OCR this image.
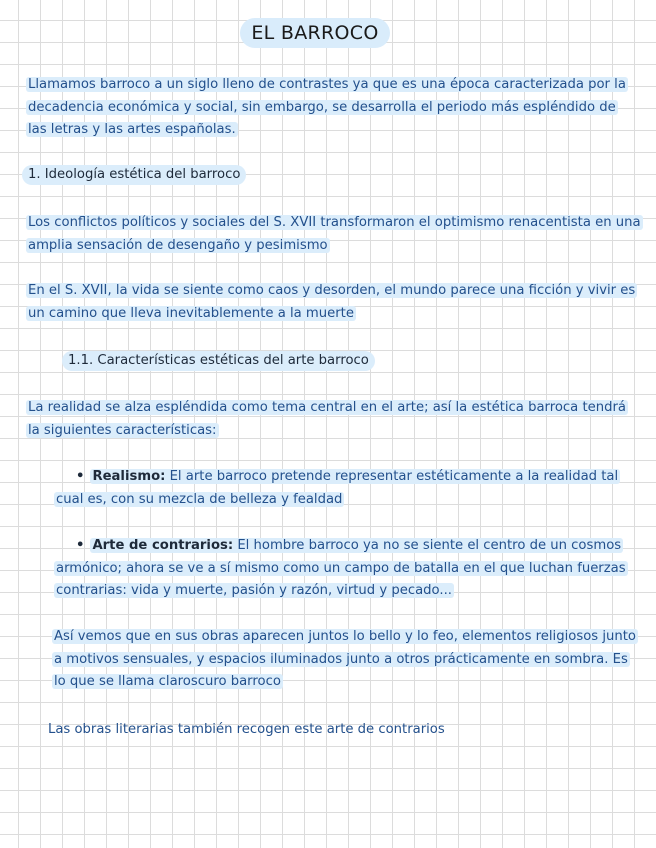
EL BARROCO
Llamamos barroco a un siglo lleno de contrastes ya que es una época caracterizada por la decadencia económica y social, sin embargo, se desarrolla el periodo más espléndido de las letras y las artes españolas.
1. Ideología estética del barroco
Los conflictos políticos y sociales del S. XVII transformaron el optimismo renacentista en una amplia sensación de desengaño y pesimismo
En el S. XVII, la vida se siente como caos y desorden, el mundo parece una ficción y vivir es un camino que lleva inevitablemente a la muerte
1.1. Características estéticas del arte barroco
La realidad se alza espléndida como tema central en el arte; así la estética barroca tendrá la siguientes características:
• Realismo: El arte barroco pretende representar estéticamente a la realidad tal cual es, con su mezcla de belleza y fealdad
• Arte de contrarios: El hombre barroco ya no se siente el centro de un cosmos armónico; ahora se ve a sí mismo como un campo de batalla en el que luchan fuerzas contrarias: vida y muerte, pasión y razón, virtud y pecado...
Así vemos que en sus obras aparecen juntos lo bello y lo feo, elementos religiosos junto a motivos sensuales, y espacios iluminados junto a otros prácticamente en sombra. Es lo que se llama claroscuro barroco
Las obras literarias también recogen este arte de contrarios
